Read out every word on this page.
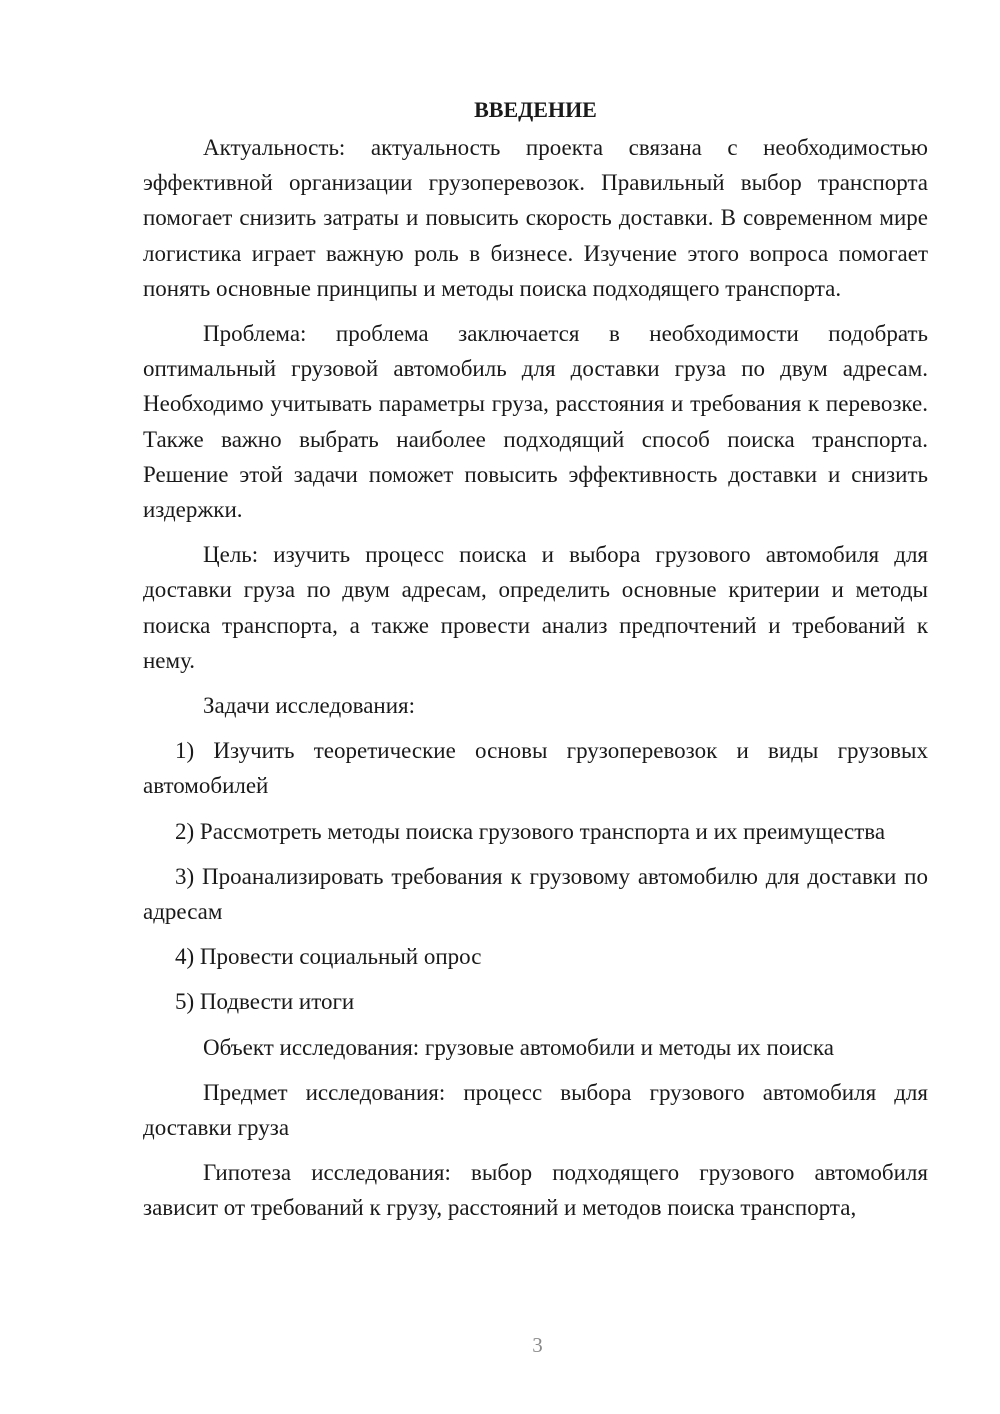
ВВЕДЕНИЕ

Актуальность: актуальность проекта связана с необходимостью эффективной организации грузоперевозок. Правильный выбор транспорта помогает снизить затраты и повысить скорость доставки. В современном мире логистика играет важную роль в бизнесе. Изучение этого вопроса помогает понять основные принципы и методы поиска подходящего транспорта.

Проблема: проблема заключается в необходимости подобрать оптимальный грузовой автомобиль для доставки груза по двум адресам. Необходимо учитывать параметры груза, расстояния и требования к перевозке. Также важно выбрать наиболее подходящий способ поиска транспорта. Решение этой задачи поможет повысить эффективность доставки и снизить издержки.

Цель: изучить процесс поиска и выбора грузового автомобиля для доставки груза по двум адресам, определить основные критерии и методы поиска транспорта, а также провести анализ предпочтений и требований к нему.

Задачи исследования:

1) Изучить теоретические основы грузоперевозок и виды грузовых автомобилей

2) Рассмотреть методы поиска грузового транспорта и их преимущества

3) Проанализировать требования к грузовому автомобилю для доставки по адресам

4) Провести социальный опрос

5) Подвести итоги

Объект исследования: грузовые автомобили и методы их поиска

Предмет исследования: процесс выбора грузового автомобиля для доставки груза

Гипотеза исследования: выбор подходящего грузового автомобиля зависит от требований к грузу, расстояний и методов поиска транспорта,

3
